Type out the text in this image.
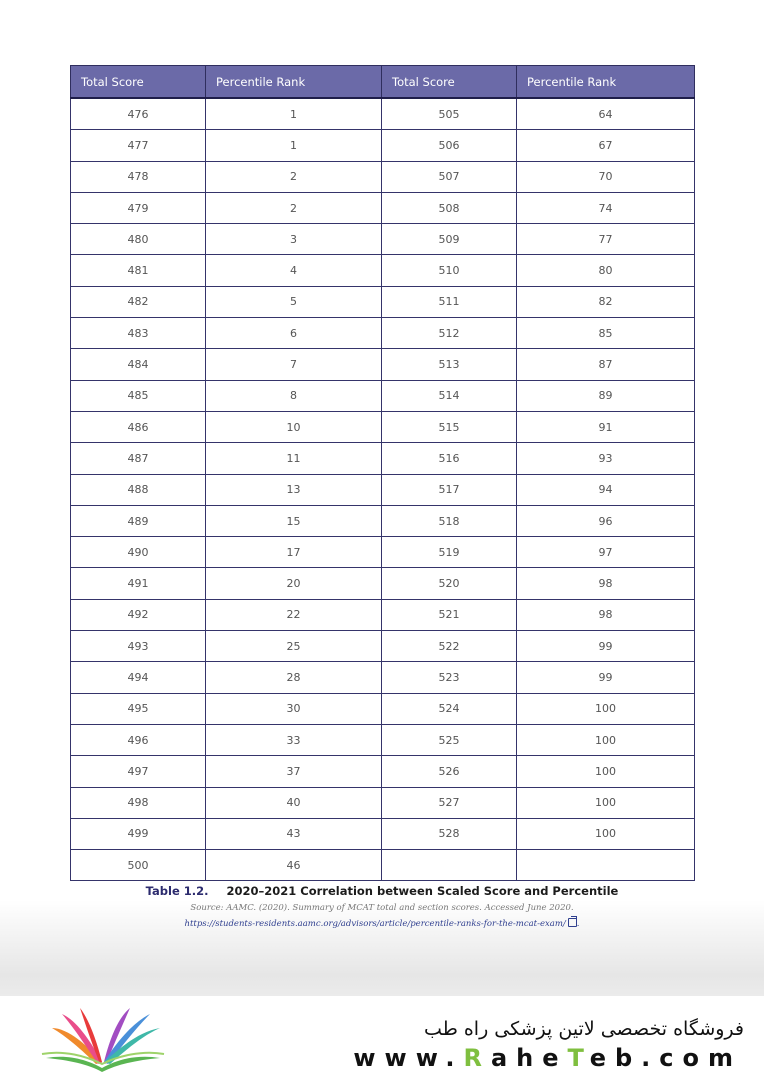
Total Score	Percentile Rank	Total Score	Percentile Rank
476	1	505	64
477	1	506	67
478	2	507	70
479	2	508	74
480	3	509	77
481	4	510	80
482	5	511	82
483	6	512	85
484	7	513	87
485	8	514	89
486	10	515	91
487	11	516	93
488	13	517	94
489	15	518	96
490	17	519	97
491	20	520	98
492	22	521	98
493	25	522	99
494	28	523	99
495	30	524	100
496	33	525	100
497	37	526	100
498	40	527	100
499	43	528	100
500	46		
Table 1.2. 2020–2021 Correlation between Scaled Score and Percentile
Source: AAMC. (2020). Summary of MCAT total and section scores. Accessed June 2020.
https://students-residents.aamc.org/advisors/article/percentile-ranks-for-the-mcat-exam/ .
فروشگاه تخصصی لاتین پزشکی راه طب
www.RaheTeb.com
